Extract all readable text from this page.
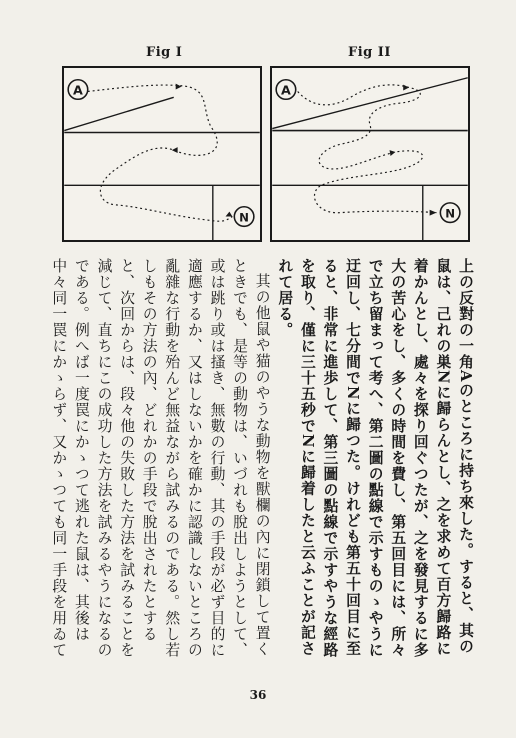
Fig I	Fig II
A
N
A
N

上の反對の一角Aのところに持ち來した。すると、其の鼠は、己れの巣Nに歸らんとし、之を求めて百方歸路に着かんとし、處々を探り回ぐつたが、之を發見するに多大の苦心をし、多くの時間を費し、第五回目には、所々で立ち留まって考へ、第二圖の點線で示すものゝやうに迂回し、七分間でNに歸つた。けれども第五十回目に至ると、非常に進歩して、第三圖の點線で示すやうな經路を取り、僅に三十五秒でNに歸着したと云ふことが記されて居る。

其の他鼠や猫のやうな動物を獸欄の內に閉鎖して置くときでも、是等の動物は、いづれも脫出しようとして、或は跳り或は搔き、無數の行動、其の手段が必ず目的に適應するか、又はしないかを確かに認識しないところの亂雜な行動を殆んど無益ながら試みるのである。然し若しもその方法の內、どれかの手段で脫出されたとすると、次回からは、段々他の失敗した方法を試みることを減じて、直ちにこの成功した方法を試みるやうになるのである。例へば一度罠にかゝつて逃れた鼠は、其後は中々同一罠にかゝらず、又かゝつても同一手段を用ゐて

36
